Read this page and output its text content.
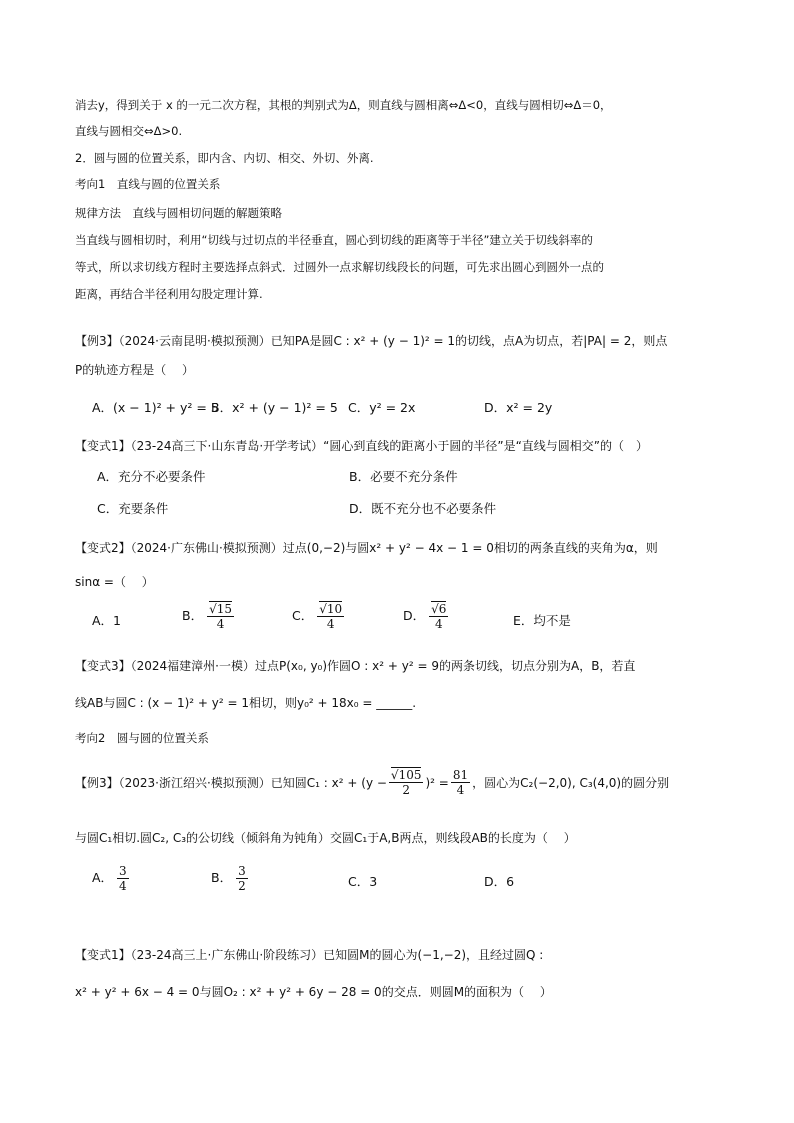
消去y，得到关于 x 的一元二次方程，其根的判别式为Δ，则直线与圆相离⇔Δ<0，直线与圆相切⇔Δ＝0，
直线与圆相交⇔Δ>0.
2．圆与圆的位置关系，即内含、内切、相交、外切、外离.
考向1　直线与圆的位置关系
规律方法　直线与圆相切问题的解题策略
当直线与圆相切时，利用“切线与过切点的半径垂直，圆心到切线的距离等于半径”建立关于切线斜率的
等式，所以求切线方程时主要选择点斜式．过圆外一点求解切线段长的问题，可先求出圆心到圆外一点的
距离，再结合半径利用勾股定理计算.
【例3】（2024·云南昆明·模拟预测）已知PA是圆C : x² + (y − 1)² = 1的切线，点A为切点，若|PA| = 2，则点
P的轨迹方程是（　 ）
A．(x − 1)² + y² = 5
B．x² + (y − 1)² = 5 C．y² = 2x	D．x² = 2y
【变式1】（23-24高三下·山东青岛·开学考试）“圆心到直线的距离小于圆的半径”是“直线与圆相交”的（　）
A．充分不必要条件	B．必要不充分条件
C．充要条件	D．既不充分也不必要条件
【变式2】（2024·广东佛山·模拟预测）过点(0,−2)与圆x² + y² − 4x − 1 = 0相切的两条直线的夹角为α，则
sinα =（　 ）
A．1	B． $\frac{√15}{4}$	C． $\frac{√10}{4}$	D． $\frac{√6}{4}$	E．均不是
【变式3】（2024福建漳州·一模）过点P(x₀, y₀)作圆O : x² + y² = 9的两条切线，切点分别为A，B，若直
线AB与圆C : (x − 1)² + y² = 1相切，则y₀² + 18x₀ = ______.
考向2　圆与圆的位置关系
【例3】（2023·浙江绍兴·模拟预测）已知圆C₁ : $x^2 + (y - \frac{√105}{2} )^2 = \frac{81}{4}$ ，圆心为C₂(−2,0), C₃(4,0)的圆分别
与圆C₁相切.圆C₂, C₃的公切线（倾斜角为钝角）交圆C₁于A,B两点，则线段AB的长度为（　 ）
A． $\frac{3}{4}$	B． $\frac{3}{2}$	C．3	D．6
【变式1】（23-24高三上·广东佛山·阶段练习）已知圆M的圆心为(−1,−2)，且经过圆Q :
x² + y² + 6x − 4 = 0与圆O₂ : x² + y² + 6y − 28 = 0的交点．则圆M的面积为（　 ）
